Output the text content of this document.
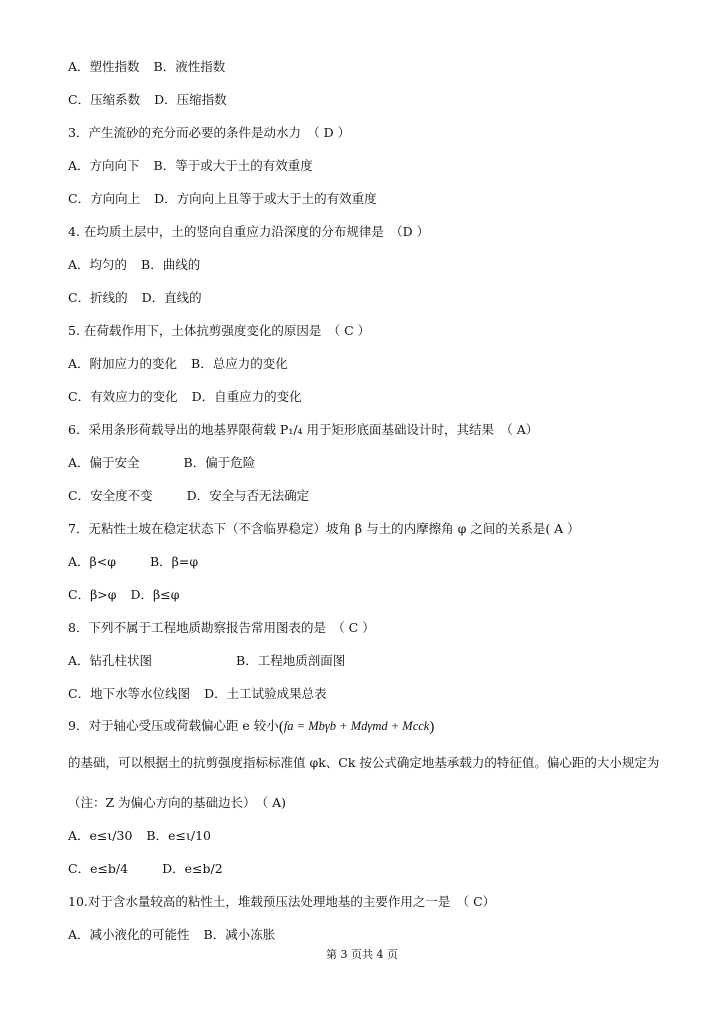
A．塑性指数 B．液性指数
C．压缩系数 D．压缩指数
3．产生流砂的充分而必要的条件是动水力　（ D ）
A．方向向下 B．等于或大于土的有效重度
C．方向向上 D．方向向上且等于或大于土的有效重度
4. 在均质土层中，土的竖向自重应力沿深度的分布规律是　（D ）
A．均匀的 B．曲线的
C．折线的 D．直线的
5. 在荷载作用下，土体抗剪强度变化的原因是　（ C ）
A．附加应力的变化 B．总应力的变化
C．有效应力的变化 D．自重应力的变化
6．采用条形荷载导出的地基界限荷载 P₁/₄ 用于矩形底面基础设计时，其结果　（ A）
A．偏于安全	B．偏于危险
C．安全度不变	D．安全与否无法确定
7．无粘性土坡在稳定状态下（不含临界稳定）坡角 β 与土的内摩擦角 φ 之间的关系是( A ）
A．β<φ	B．β=φ
C．β>φ D．β≤φ
8．下列不属于工程地质勘察报告常用图表的是　（ C ）
A．钻孔柱状图	B．工程地质剖面图
C．地下水等水位线图 D．土工试验成果总表
9．对于轴心受压或荷载偏心距 e 较小(fa = Mbγb + Mdγmd + Mcck)
的基础，可以根据土的抗剪强度指标标准值 φk、Ck 按公式确定地基承载力的特征值。偏心距的大小规定为
（注：Z 为偏心方向的基础边长）　（ A)
A．e≤ι/30 B．e≤ι/10
C．e≤b/4	D．e≤b/2
10.对于含水量较高的粘性土，堆载预压法处理地基的主要作用之一是　（ C）
A．减小液化的可能性 B．减小冻胀
第 3 页共 4 页
